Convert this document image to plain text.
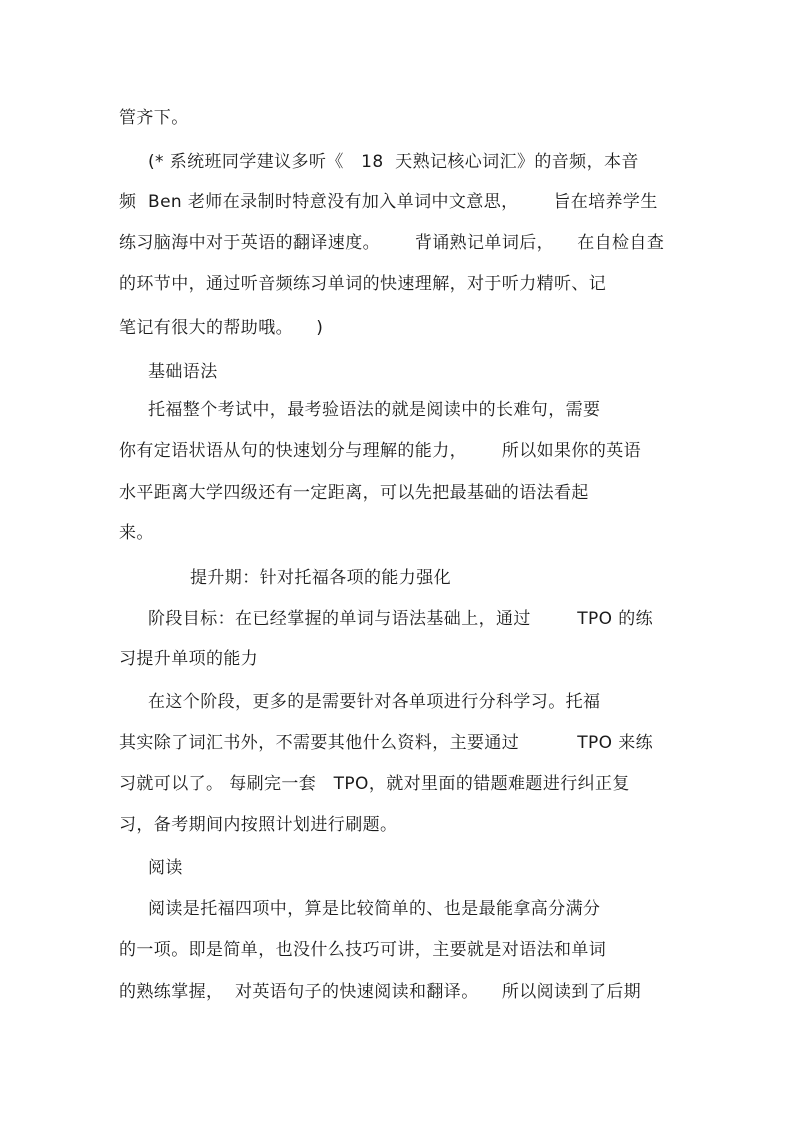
管齐下。
(* 系统班同学建议多听《   18  天熟记核心词汇》的音频，本音
频  Ben 老师在录制时特意没有加入单词中文意思，      旨在培养学生
练习脑海中对于英语的翻译速度。      背诵熟记单词后，    在自检自查
的环节中，通过听音频练习单词的快速理解，对于听力精听、记
笔记有很大的帮助哦。    )
基础语法
托福整个考试中，最考验语法的就是阅读中的长难句，需要
你有定语状语从句的快速划分与理解的能力，      所以如果你的英语
水平距离大学四级还有一定距离，可以先把最基础的语法看起
来。
提升期：针对托福各项的能力强化
阶段目标：在已经掌握的单词与语法基础上，通过        TPO 的练
习提升单项的能力
在这个阶段，更多的是需要针对各单项进行分科学习。托福
其实除了词汇书外，不需要其他什么资料，主要通过          TPO 来练
习就可以了。 每刷完一套   TPO，就对里面的错题难题进行纠正复
习，备考期间内按照计划进行刷题。
阅读
阅读是托福四项中，算是比较简单的、也是最能拿高分满分
的一项。即是简单，也没什么技巧可讲，主要就是对语法和单词
的熟练掌握，  对英语句子的快速阅读和翻译。    所以阅读到了后期
